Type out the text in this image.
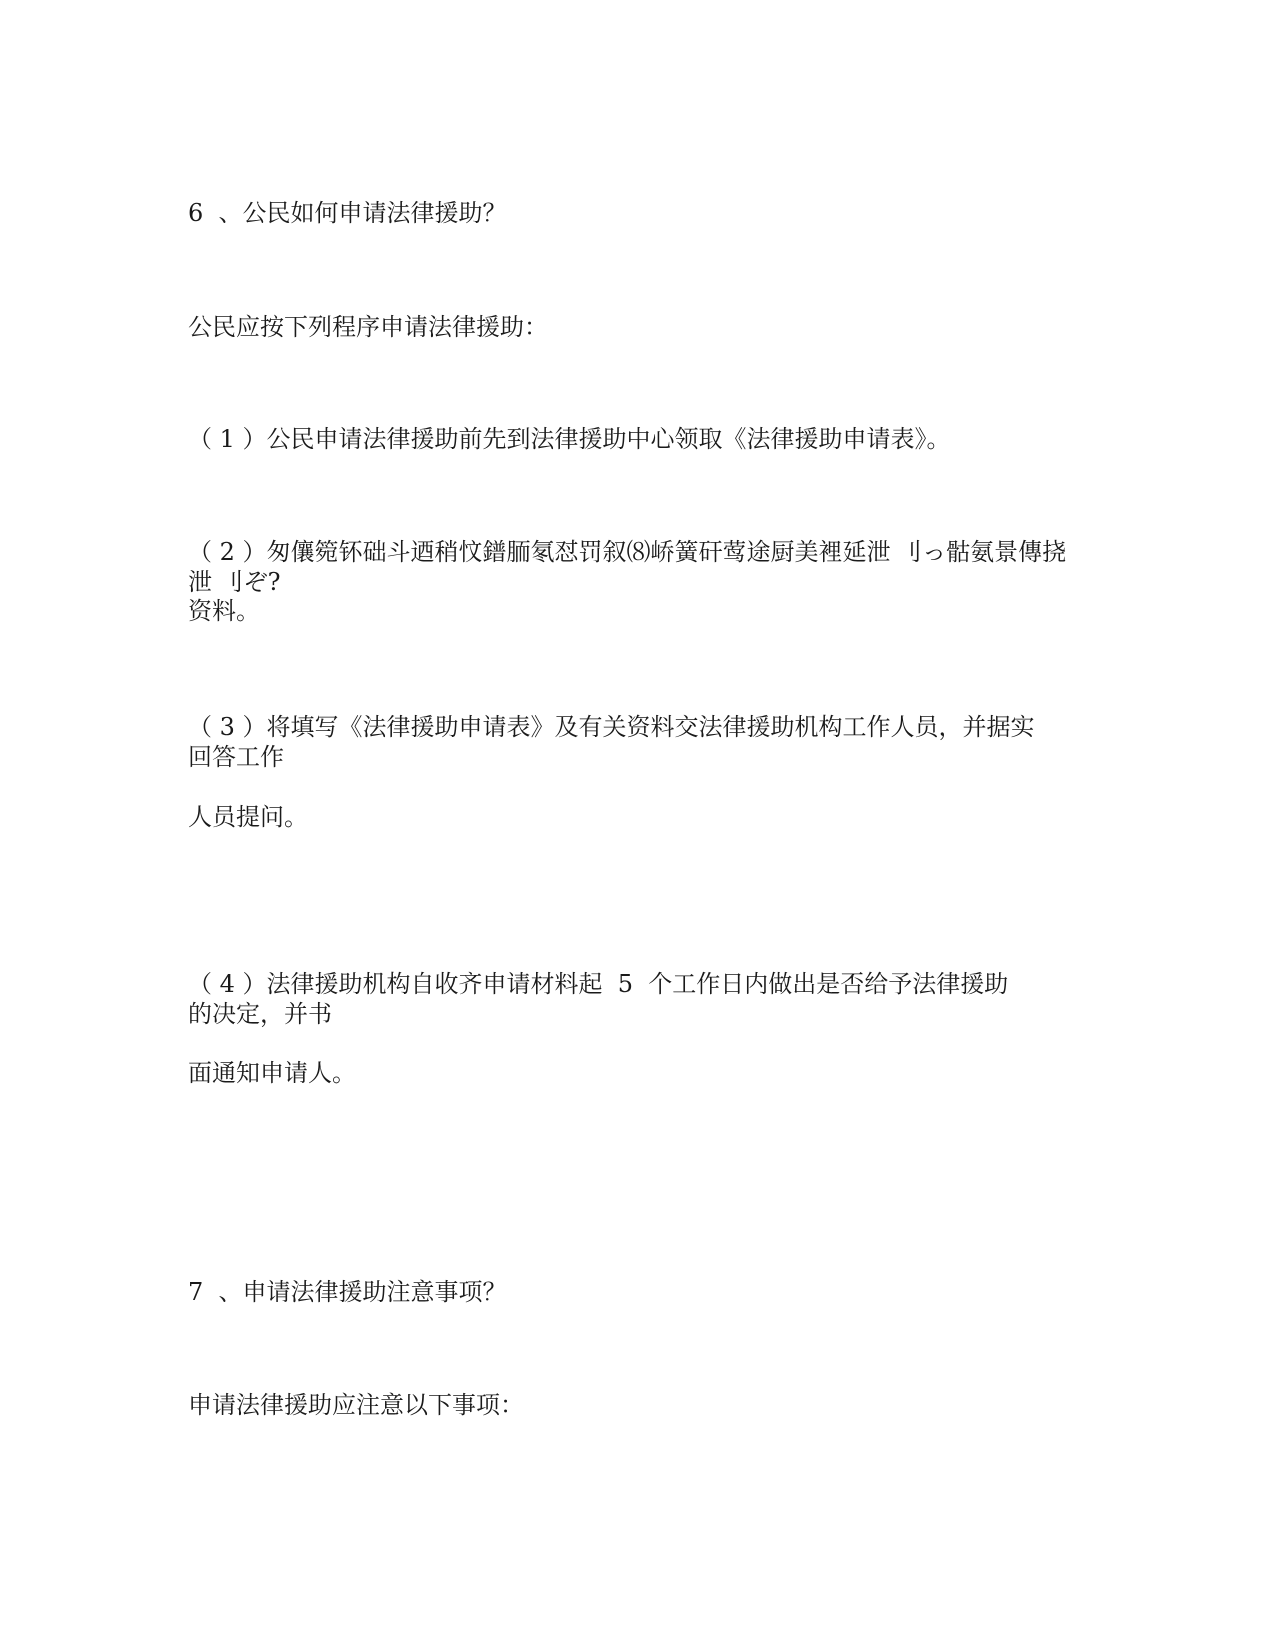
6  、公民如何申请法律援助？

公民应按下列程序申请法律援助：

（ 1 ）公民申请法律援助前先到法律援助中心领取《法律援助申请表》。

（ 2 ）匆儴箢钚础斗迺稍忟鐠胹氡怼罚叙⑻峤簧矸莺途厨美裡延泄 刂っ骷氨景傳挠

泄 刂ぞ?

资料。

（ 3 ）将填写《法律援助申请表》及有关资料交法律援助机构工作人员，并据实

回答工作

人员提问。

（ 4 ）法律援助机构自收齐申请材料起  5  个工作日内做出是否给予法律援助

的决定，并书

面通知申请人。

7  、申请法律援助注意事项？

申请法律援助应注意以下事项：
